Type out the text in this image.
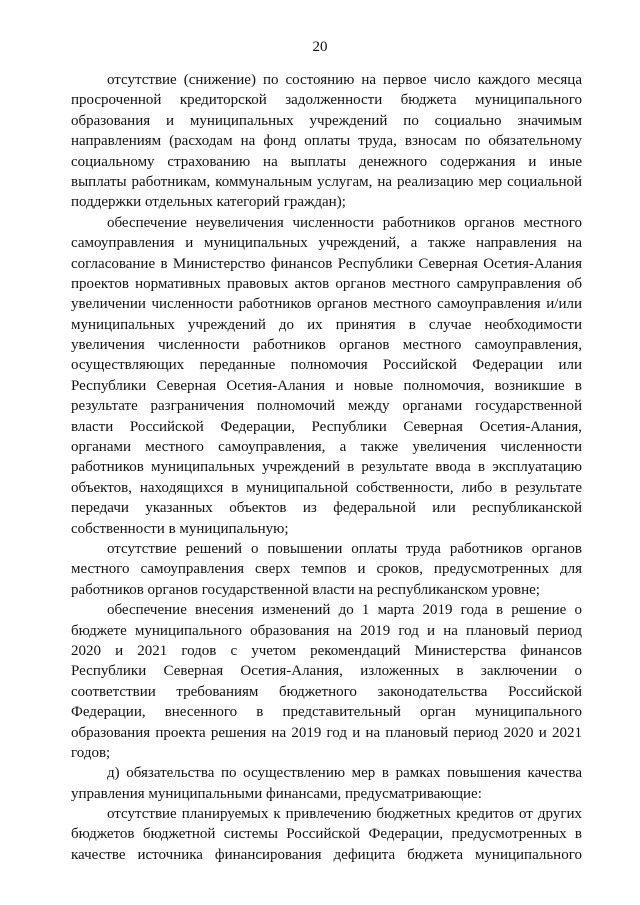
20
отсутствие (снижение) по состоянию на первое число каждого месяца
просроченной кредиторской задолженности бюджета муниципального
образования и муниципальных учреждений по социально значимым
направлениям (расходам на фонд оплаты труда, взносам по обязательному
социальному страхованию на выплаты денежного содержания и иные
выплаты работникам, коммунальным услугам, на реализацию мер социальной
поддержки отдельных категорий граждан);
обеспечение неувеличения численности работников органов местного
самоуправления и муниципальных учреждений, а также направления на
согласование в Министерство финансов Республики Северная Осетия-Алания
проектов нормативных правовых актов органов местного самруправления об
увеличении численности работников органов местного самоуправления и/или
муниципальных учреждений до их принятия в случае необходимости
увеличения численности работников органов местного самоуправления,
осуществляющих переданные полномочия Российской Федерации или
Республики Северная Осетия-Алания и новые полномочия, возникшие в
результате разграничения полномочий между органами государственной
власти Российской Федерации, Республики Северная Осетия-Алания,
органами местного самоуправления, а также увеличения численности
работников муниципальных учреждений в результате ввода в эксплуатацию
объектов, находящихся в муниципальной собственности, либо в результате
передачи указанных объектов из федеральной или республиканской
собственности в муниципальную;
отсутствие решений о повышении оплаты труда работников органов
местного самоуправления сверх темпов и сроков, предусмотренных для
работников органов государственной власти на республиканском уровне;
обеспечение внесения изменений до 1 марта 2019 года в решение о
бюджете муниципального образования на 2019 год и на плановый период
2020 и 2021 годов с учетом рекомендаций Министерства финансов
Республики Северная Осетия-Алания, изложенных в заключении о
соответствии требованиям бюджетного законодательства Российской
Федерации, внесенного в представительный орган муниципального
образования проекта решения на 2019 год и на плановый период 2020 и 2021
годов;
д) обязательства по осуществлению мер в рамках повышения качества
управления муниципальными финансами, предусматривающие:
отсутствие планируемых к привлечению бюджетных кредитов от других
бюджетов бюджетной системы Российской Федерации, предусмотренных в
качестве источника финансирования дефицита бюджета муниципального
